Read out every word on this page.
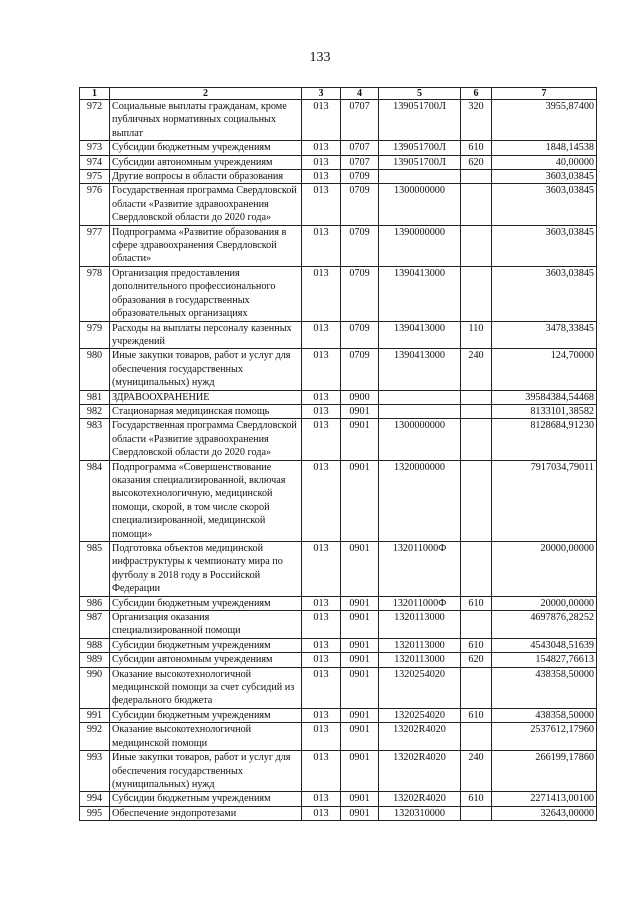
133
1	2	3	4	5	6	7
972	Социальные выплаты гражданам, кроме публичных нормативных социальных выплат	013	0707	139051700Л	320	3955,87400
973	Субсидии бюджетным учреждениям	013	0707	139051700Л	610	1848,14538
974	Субсидии автономным учреждениям	013	0707	139051700Л	620	40,00000
975	Другие вопросы в области образования	013	0709			3603,03845
976	Государственная программа Свердловской области «Развитие здравоохранения Свердловской области до 2020 года»	013	0709	1300000000		3603,03845
977	Подпрограмма «Развитие образования в сфере здравоохранения Свердловской области»	013	0709	1390000000		3603,03845
978	Организация предоставления дополнительного профессионального образования в государственных образовательных организациях	013	0709	1390413000		3603,03845
979	Расходы на выплаты персоналу казенных учреждений	013	0709	1390413000	110	3478,33845
980	Иные закупки товаров, работ и услуг для обеспечения государственных (муниципальных) нужд	013	0709	1390413000	240	124,70000
981	ЗДРАВООХРАНЕНИЕ	013	0900			39584384,54468
982	Стационарная медицинская помощь	013	0901			8133101,38582
983	Государственная программа Свердловской области «Развитие здравоохранения Свердловской области до 2020 года»	013	0901	1300000000		8128684,91230
984	Подпрограмма «Совершенствование оказания специализированной, включая высокотехнологичную, медицинской помощи, скорой, в том числе скорой специализированной, медицинской помощи»	013	0901	1320000000		7917034,79011
985	Подготовка объектов медицинской инфраструктуры к чемпионату мира по футболу в 2018 году в Российской Федерации	013	0901	132011000Ф		20000,00000
986	Субсидии бюджетным учреждениям	013	0901	132011000Ф	610	20000,00000
987	Организация оказания специализированной помощи	013	0901	1320113000		4697876,28252
988	Субсидии бюджетным учреждениям	013	0901	1320113000	610	4543048,51639
989	Субсидии автономным учреждениям	013	0901	1320113000	620	154827,76613
990	Оказание высокотехнологичной медицинской помощи за счет субсидий из федерального бюджета	013	0901	1320254020		438358,50000
991	Субсидии бюджетным учреждениям	013	0901	1320254020	610	438358,50000
992	Оказание высокотехнологичной медицинской помощи	013	0901	13202R4020		2537612,17960
993	Иные закупки товаров, работ и услуг для обеспечения государственных (муниципальных) нужд	013	0901	13202R4020	240	266199,17860
994	Субсидии бюджетным учреждениям	013	0901	13202R4020	610	2271413,00100
995	Обеспечение эндопротезами	013	0901	1320310000		32643,00000
